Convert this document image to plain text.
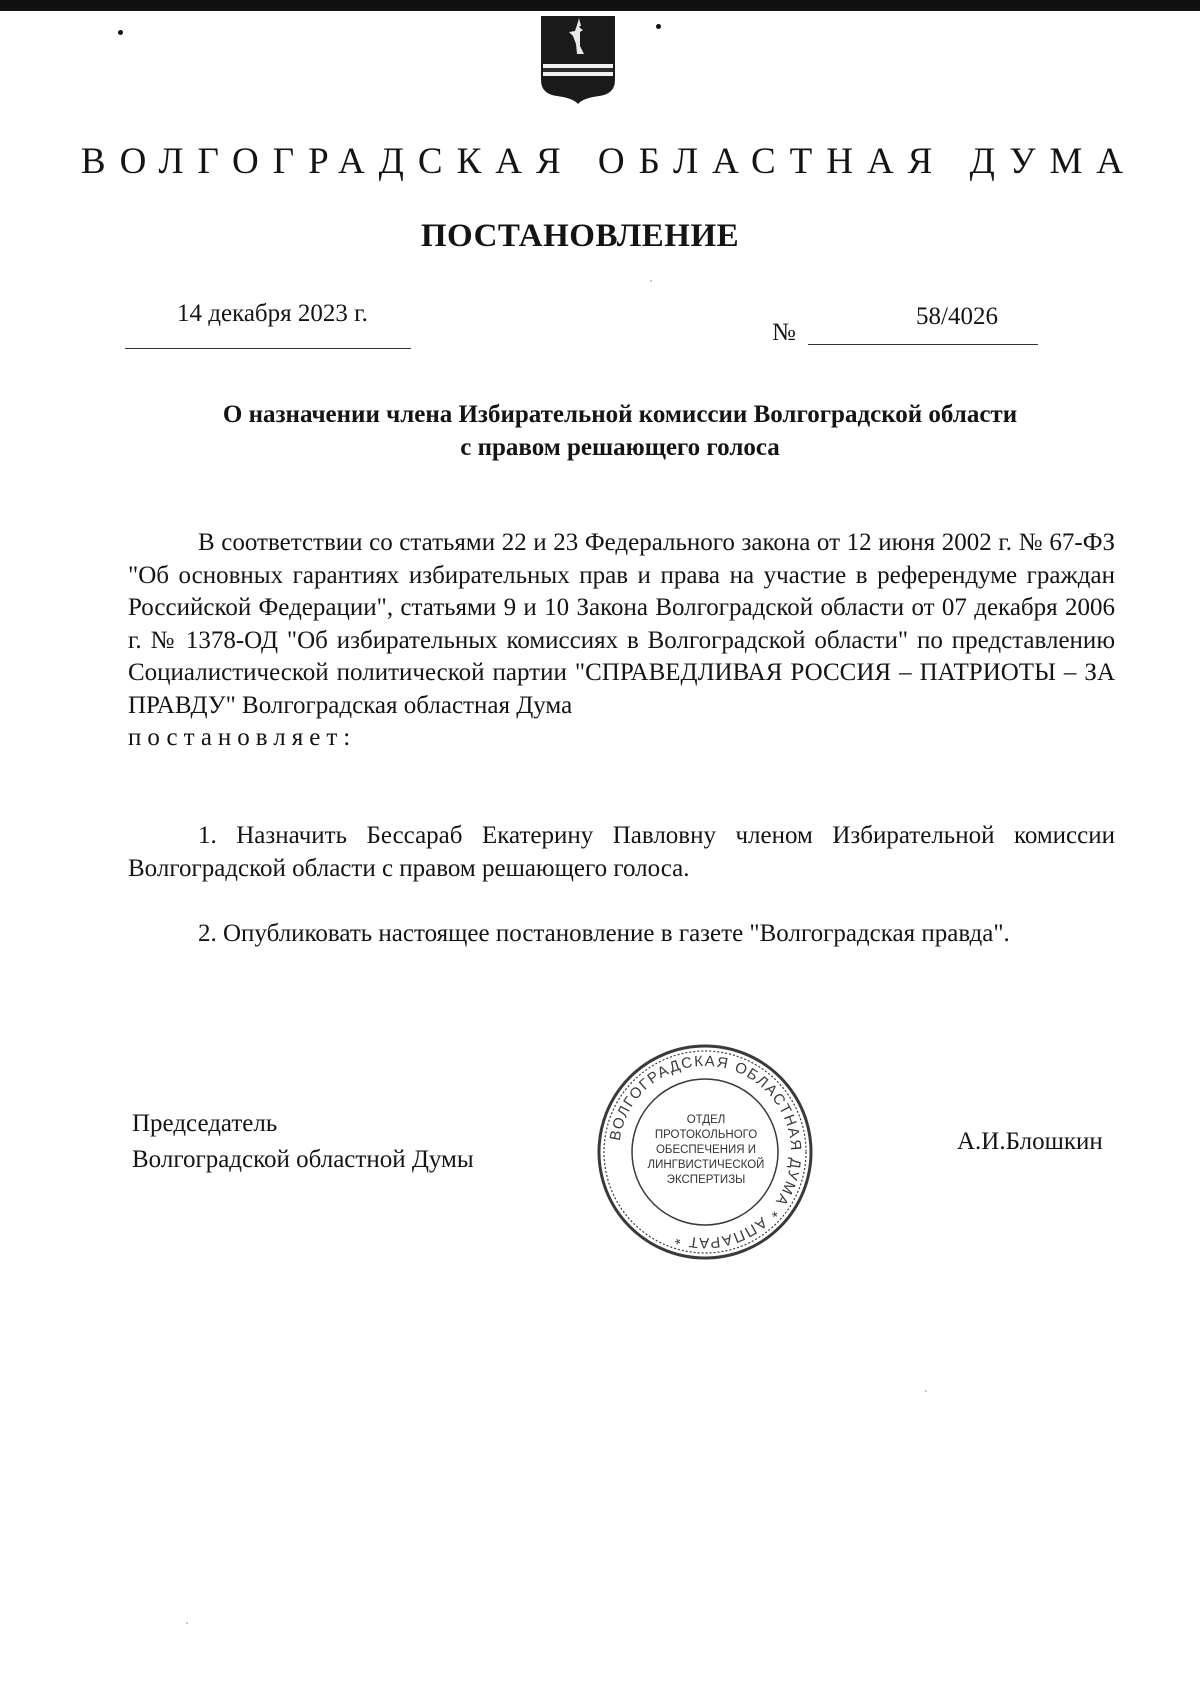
ВОЛГОГРАДСКАЯ ОБЛАСТНАЯ ДУМА
ПОСТАНОВЛЕНИЕ
14 декабря 2023 г.
№
58/4026
О назначении члена Избирательной комиссии Волгоградской области
с правом решающего голоса
В соответствии со статьями 22 и 23 Федерального закона от 12 июня 2002 г. № 67-ФЗ "Об основных гарантиях избирательных прав и права на участие в референдуме граждан Российской Федерации", статьями 9 и 10 Закона Волгоградской области от 07 декабря 2006 г. № 1378-ОД "Об избирательных комиссиях в Волгоградской области" по представлению Социалистической политической партии "СПРАВЕДЛИВАЯ РОССИЯ – ПАТРИОТЫ – ЗА ПРАВДУ" Волгоградская областная Дума
постановляет:
1. Назначить Бессараб Екатерину Павловну членом Избирательной комиссии Волгоградской области с правом решающего голоса.
2. Опубликовать настоящее постановление в газете "Волгоградская правда".
Председатель
Волгоградской областной Думы
А.И.Блошкин
ВОЛГОГРАДСКАЯ ОБЛАСТНАЯ ДУМА * АППАРАТ *
ОТДЕЛ
ПРОТОКОЛЬНОГО
ОБЕСПЕЧЕНИЯ И
ЛИНГВИСТИЧЕСКОЙ
ЭКСПЕРТИЗЫ
